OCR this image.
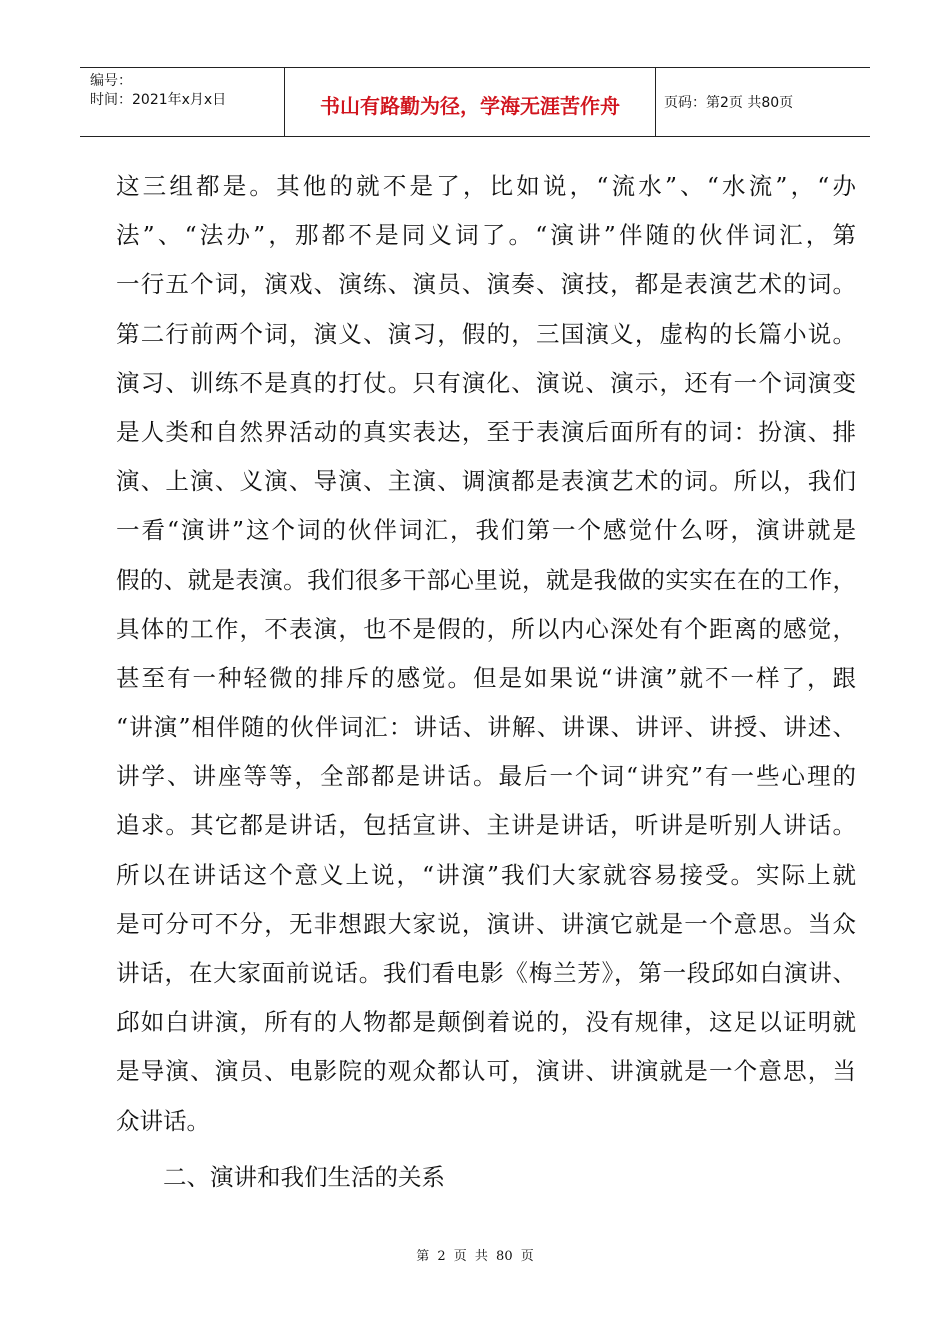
编号：
时间：2021年x月x日	书山有路勤为径，学海无涯苦作舟	页码：第2页 共80页
这三组都是。其他的就不是了，比如说，“流水”、“水流”，“办
法”、“法办”，那都不是同义词了。“演讲”伴随的伙伴词汇，第
一行五个词，演戏、演练、演员、演奏、演技，都是表演艺术的词。
第二行前两个词，演义、演习，假的，三国演义，虚构的长篇小说。
演习、训练不是真的打仗。只有演化、演说、演示，还有一个词演变
是人类和自然界活动的真实表达，至于表演后面所有的词：扮演、排
演、上演、义演、导演、主演、调演都是表演艺术的词。所以，我们
一看“演讲”这个词的伙伴词汇，我们第一个感觉什么呀，演讲就是
假的、就是表演。我们很多干部心里说，就是我做的实实在在的工作，
具体的工作，不表演，也不是假的，所以内心深处有个距离的感觉，
甚至有一种轻微的排斥的感觉。但是如果说“讲演”就不一样了，跟
“讲演”相伴随的伙伴词汇：讲话、讲解、讲课、讲评、讲授、讲述、
讲学、讲座等等，全部都是讲话。最后一个词“讲究”有一些心理的
追求。其它都是讲话，包括宣讲、主讲是讲话，听讲是听别人讲话。
所以在讲话这个意义上说，“讲演”我们大家就容易接受。实际上就
是可分可不分，无非想跟大家说，演讲、讲演它就是一个意思。当众
讲话，在大家面前说话。我们看电影《梅兰芳》，第一段邱如白演讲、
邱如白讲演，所有的人物都是颠倒着说的，没有规律，这足以证明就
是导演、演员、电影院的观众都认可，演讲、讲演就是一个意思，当
众讲话。
二、演讲和我们生活的关系
第 2 页 共 80 页
